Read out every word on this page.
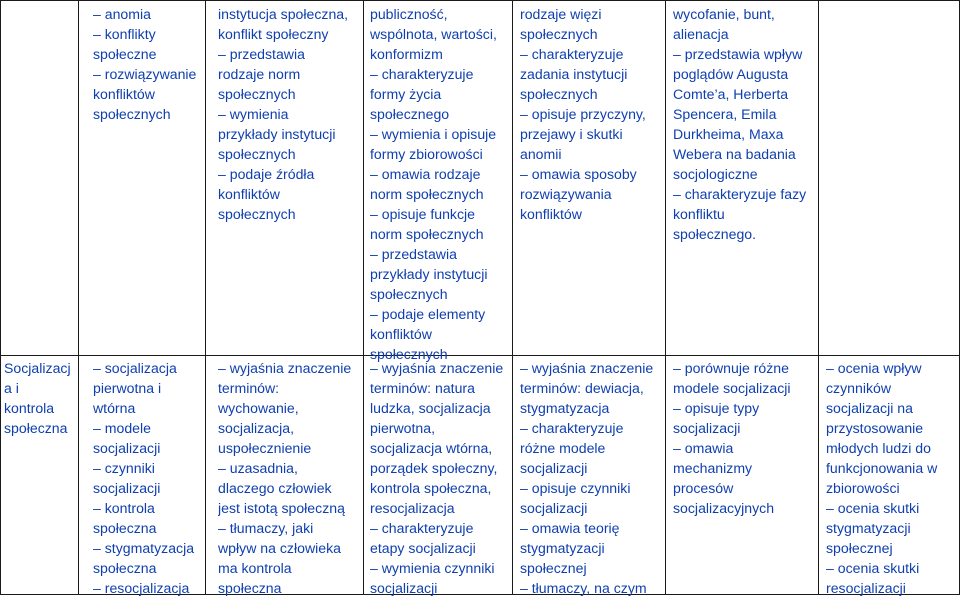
– anomia
– konflikty
społeczne
– rozwiązywanie
konfliktów
społecznych
instytucja społeczna,
konflikt społeczny
– przedstawia
rodzaje norm
społecznych
– wymienia
przykłady instytucji
społecznych
– podaje źródła
konfliktów
społecznych
publiczność,
wspólnota, wartości,
konformizm
– charakteryzuje
formy życia
społecznego
– wymienia i opisuje
formy zbiorowości
– omawia rodzaje
norm społecznych
– opisuje funkcje
norm społecznych
– przedstawia
przykłady instytucji
społecznych
– podaje elementy
konfliktów
społecznych
rodzaje więzi
społecznych
– charakteryzuje
zadania instytucji
społecznych
– opisuje przyczyny,
przejawy i skutki
anomii
– omawia sposoby
rozwiązywania
konfliktów
wycofanie, bunt,
alienacja
– przedstawia wpływ
poglądów Augusta
Comte’a, Herberta
Spencera, Emila
Durkheima, Maxa
Webera na badania
socjologiczne
– charakteryzuje fazy
konfliktu
społecznego.
Socjalizacj
a i
kontrola
społeczna
– socjalizacja
pierwotna i
wtórna
– modele
socjalizacji
– czynniki
socjalizacji
– kontrola
społeczna
– stygmatyzacja
społeczna
– resocjalizacja
– wyjaśnia znaczenie
terminów:
wychowanie,
socjalizacja,
uspołecznienie
– uzasadnia,
dlaczego człowiek
jest istotą społeczną
– tłumaczy, jaki
wpływ na człowieka
ma kontrola
społeczna
– wyjaśnia znaczenie
terminów: natura
ludzka, socjalizacja
pierwotna,
socjalizacja wtórna,
porządek społeczny,
kontrola społeczna,
resocjalizacja
– charakteryzuje
etapy socjalizacji
– wymienia czynniki
socjalizacji
– wyjaśnia znaczenie
terminów: dewiacja,
stygmatyzacja
– charakteryzuje
różne modele
socjalizacji
– opisuje czynniki
socjalizacji
– omawia teorię
stygmatyzacji
społecznej
– tłumaczy, na czym
– porównuje różne
modele socjalizacji
– opisuje typy
socjalizacji
– omawia
mechanizmy
procesów
socjalizacyjnych
– ocenia wpływ
czynników
socjalizacji na
przystosowanie
młodych ludzi do
funkcjonowania w
zbiorowości
– ocenia skutki
stygmatyzacji
społecznej
– ocenia skutki
resocjalizacji
